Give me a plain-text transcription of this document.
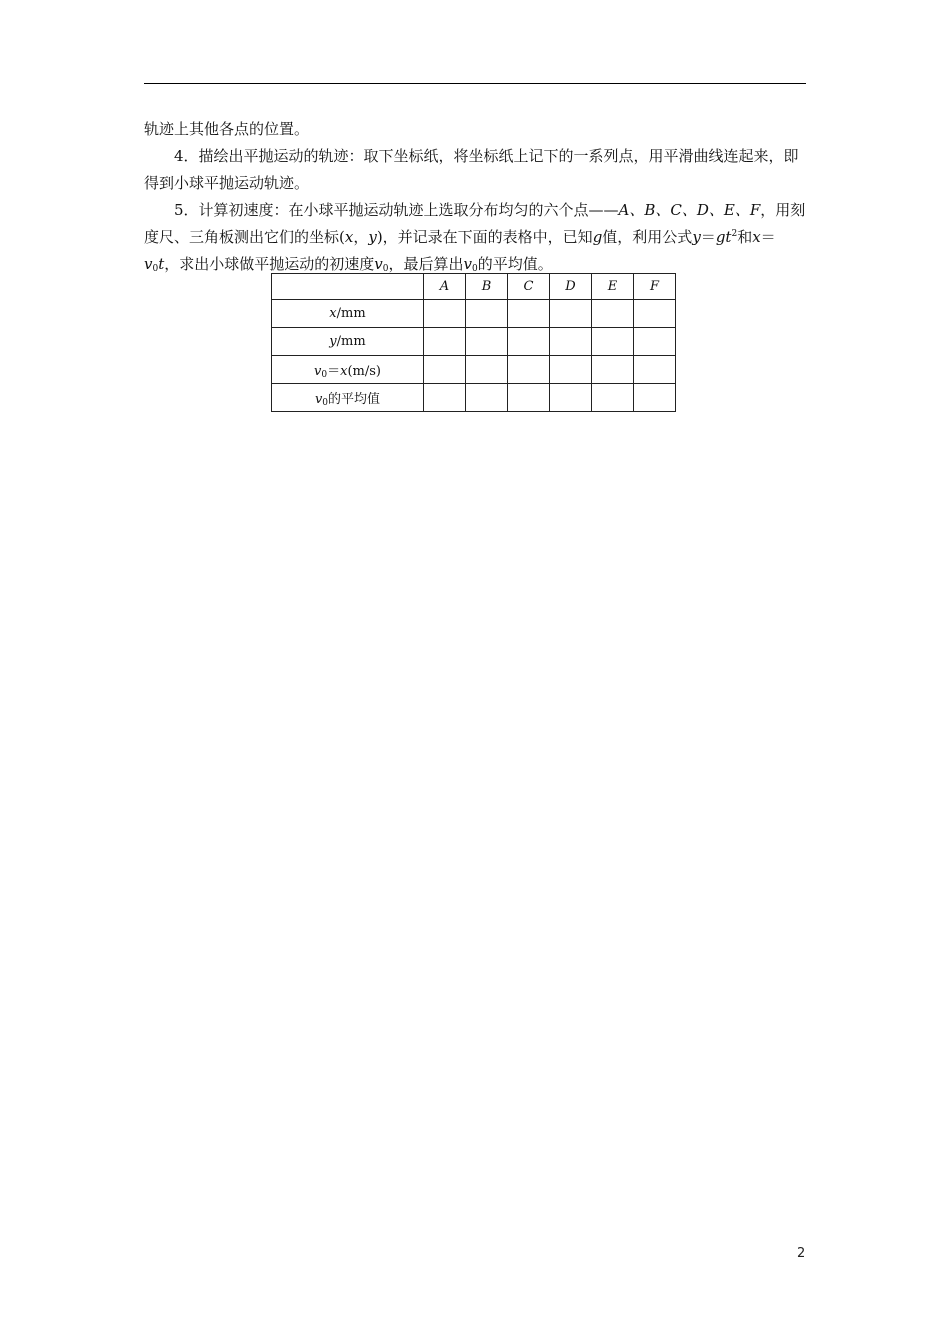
轨迹上其他各点的位置。

4．描绘出平抛运动的轨迹：取下坐标纸，将坐标纸上记下的一系列点，用平滑曲线连起来，即得到小球平抛运动轨迹。

5．计算初速度：在小球平抛运动轨迹上选取分布均匀的六个点——A、B、C、D、E、F，用刻度尺、三角板测出它们的坐标(x，y)，并记录在下面的表格中，已知g值，利用公式$y=gt^2$和$x=v_0t$，求出小球做平抛运动的初速度$v_0$，最后算出$v_0$的平均值。

	A	B	C	D	E	F
x/mm						
y/mm						
$v_0=x(m/s)$						
$v_0$的平均值						
2
